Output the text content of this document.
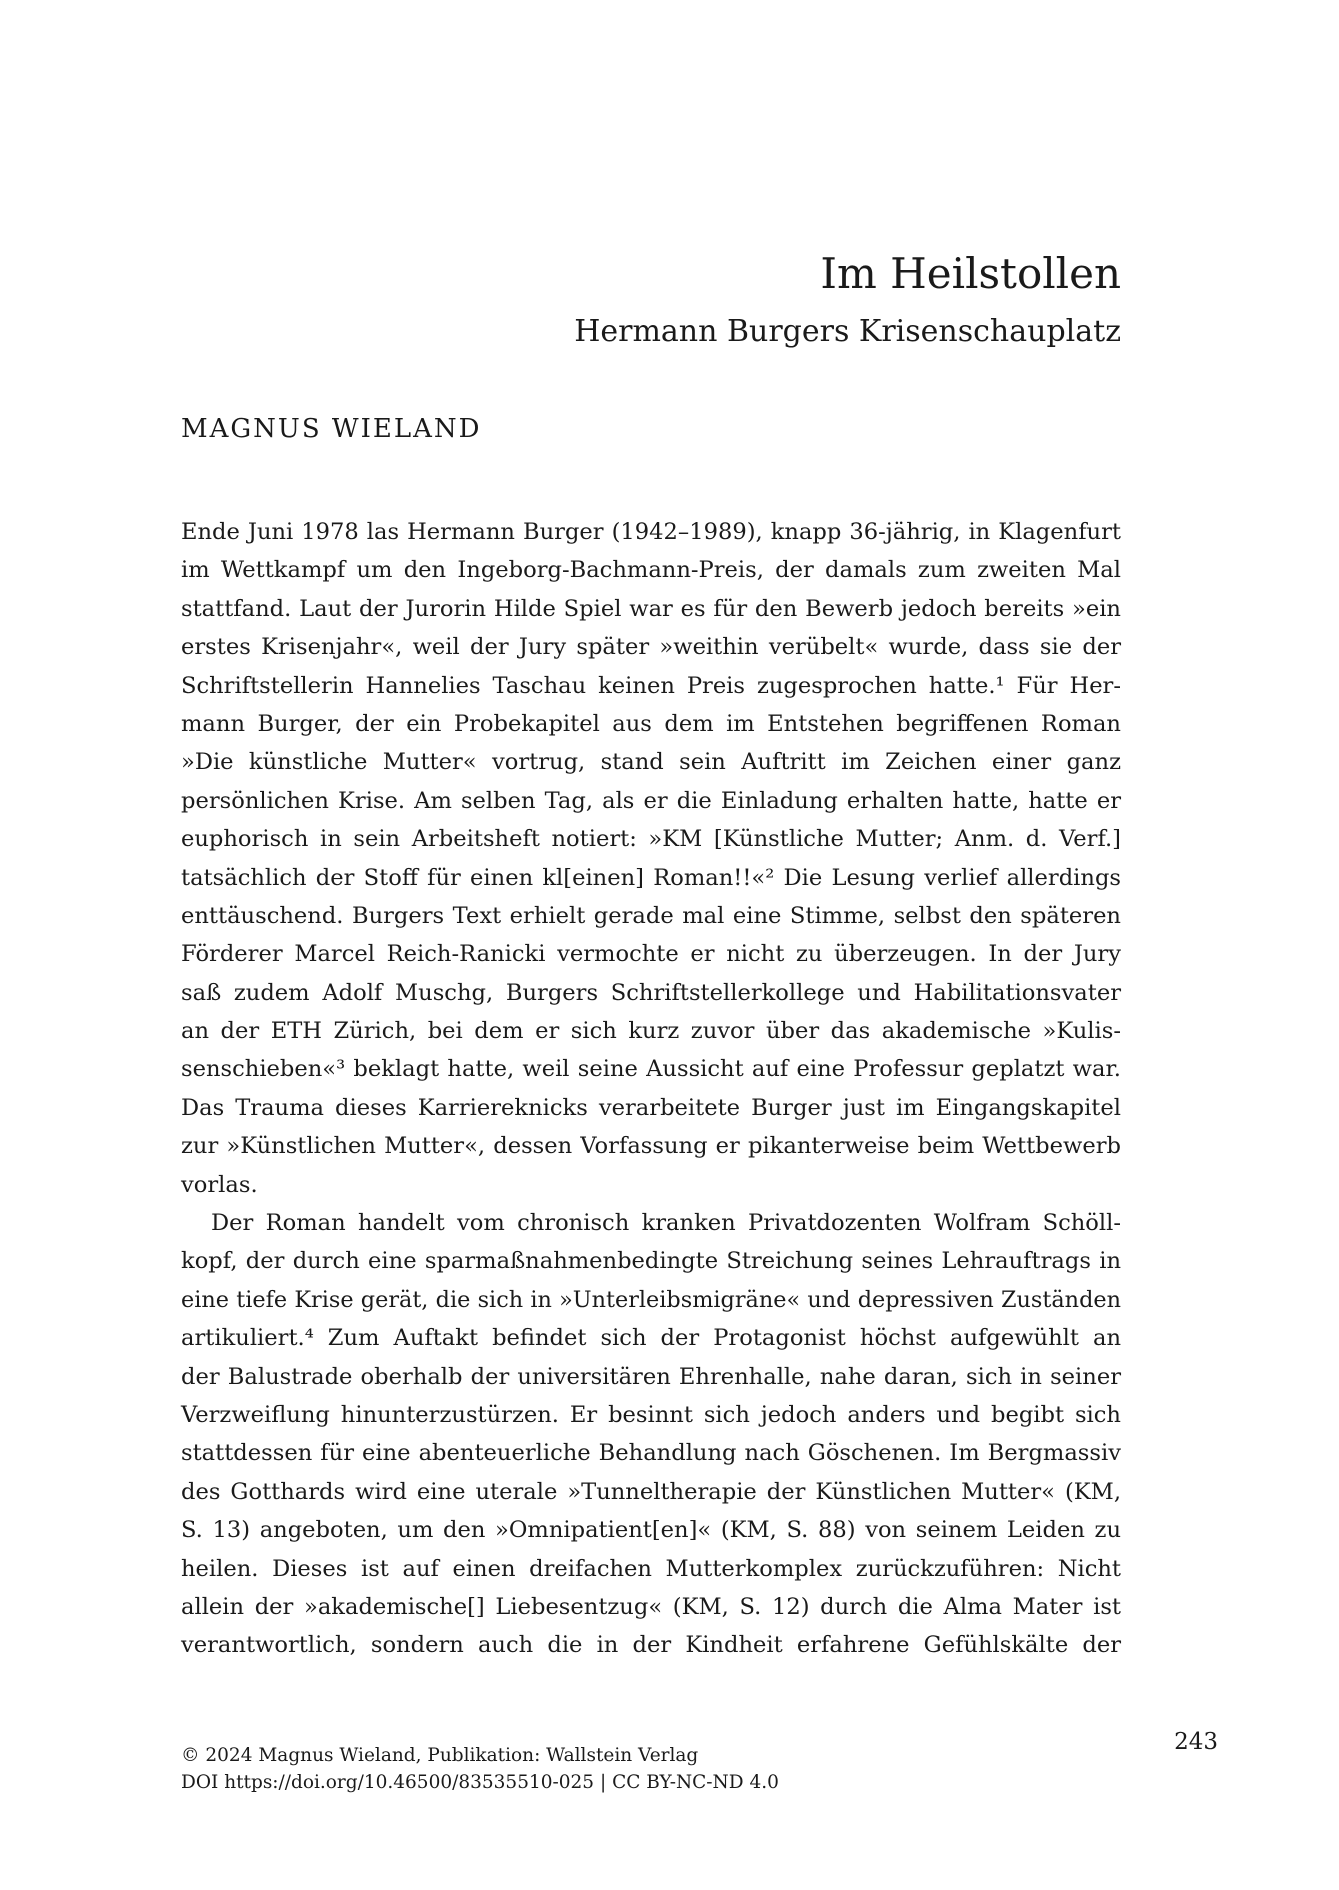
Im Heilstollen
Hermann Burgers Krisenschauplatz
MAGNUS WIELAND
Ende Juni 1978 las Hermann Burger (1942–1989), knapp 36-jährig, in Klagenfurt
im Wettkampf um den Ingeborg-Bachmann-Preis, der damals zum zweiten Mal
stattfand. Laut der Jurorin Hilde Spiel war es für den Bewerb jedoch bereits »ein
erstes Krisenjahr«, weil der Jury später »weithin verübelt« wurde, dass sie der
Schriftstellerin Hannelies Taschau keinen Preis zugesprochen hatte.¹ Für Her-
mann Burger, der ein Probekapitel aus dem im Entstehen begriffenen Roman
»Die künstliche Mutter« vortrug, stand sein Auftritt im Zeichen einer ganz
persönlichen Krise. Am selben Tag, als er die Einladung erhalten hatte, hatte er
euphorisch in sein Arbeitsheft notiert: »KM [Künstliche Mutter; Anm. d. Verf.]
tatsächlich der Stoff für einen kl[einen] Roman!!«² Die Lesung verlief allerdings
enttäuschend. Burgers Text erhielt gerade mal eine Stimme, selbst den späteren
Förderer Marcel Reich-Ranicki vermochte er nicht zu überzeugen. In der Jury
saß zudem Adolf Muschg, Burgers Schriftstellerkollege und Habilitationsvater
an der ETH Zürich, bei dem er sich kurz zuvor über das akademische »Kulis-
senschieben«³ beklagt hatte, weil seine Aussicht auf eine Professur geplatzt war.
Das Trauma dieses Karriereknicks verarbeitete Burger just im Eingangskapitel
zur »Künstlichen Mutter«, dessen Vorfassung er pikanterweise beim Wettbewerb
vorlas.
Der Roman handelt vom chronisch kranken Privatdozenten Wolfram Schöll-
kopf, der durch eine sparmaßnahmenbedingte Streichung seines Lehrauftrags in
eine tiefe Krise gerät, die sich in »Unterleibsmigräne« und depressiven Zuständen
artikuliert.⁴ Zum Auftakt befindet sich der Protagonist höchst aufgewühlt an
der Balustrade oberhalb der universitären Ehrenhalle, nahe daran, sich in seiner
Verzweiflung hinunterzustürzen. Er besinnt sich jedoch anders und begibt sich
stattdessen für eine abenteuerliche Behandlung nach Göschenen. Im Bergmassiv
des Gotthards wird eine uterale »Tunneltherapie der Künstlichen Mutter« (KM,
S. 13) angeboten, um den »Omnipatient[en]« (KM, S. 88) von seinem Leiden zu
heilen. Dieses ist auf einen dreifachen Mutterkomplex zurückzuführen: Nicht
allein der »akademische[] Liebesentzug« (KM, S. 12) durch die Alma Mater ist
verantwortlich, sondern auch die in der Kindheit erfahrene Gefühlskälte der
© 2024 Magnus Wieland, Publikation: Wallstein Verlag
DOI https://doi.org/10.46500/83535510-025 | CC BY-NC-ND 4.0
243
